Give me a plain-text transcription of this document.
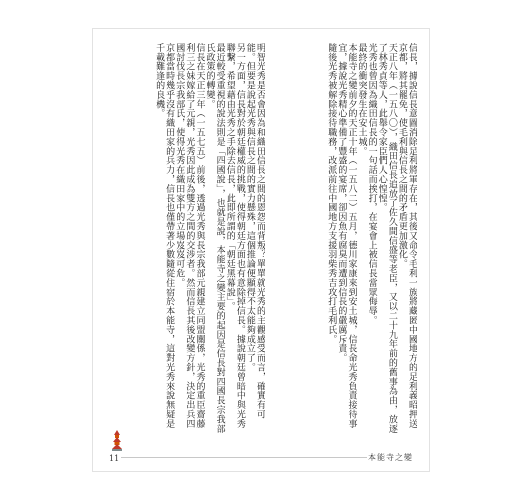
信長，據說信長意圖消除足利將軍存在，其後又命令毛利一族將藏匿中國地方的足利義昭押送京都，將其罷免，使毛利與信長之間的矛盾更加激化。

天正八年（一五八〇），織田信長追放了佐久間信盛等老臣，又以二十九年前的舊事為由，放逐了林秀貞等人，此舉令家臣們人心惶惶。

光秀也曾因為織田信長的一句話而挨打，在宴會上被信長當眾侮辱。

最終的衝突發生在安土城。

本能寺之變前夕的天正十年（一五八二）五月，德川家康來到安土城，信長命光秀負責接待事宜，據說光秀精心準備了豐盛的宴席，卻因魚有腐臭而遭到信長的嚴厲斥責。

隨後光秀被解除接待職務，改派前往中國地方支援羽柴秀吉攻打毛利氏。

明智光秀是否會因為和織田信長之間的恩怨而背叛？單單就光秀的主觀感受而言，確實有可能。但要是說起光秀與信長之間的實力懸殊，這個推論便顯得不太能夠成立了。

另一方面，信長對於朝廷權威的挑戰，使得朝廷方面也有意除掉信長。據說朝廷曾暗中與光秀聯繫，希望藉由光秀之手除去信長，此即所謂的「朝廷黑幕說」。

最近較受重視的說法則是「四國說」，也就是說，本能寺之變主要的起因是信長對四國長宗我部氏政策的轉變。

信長在天正三年（一五七五）前後，透過光秀與長宗我部元親建立同盟關係，光秀的重臣齋藤利三之妹嫁給了元親，光秀因此成為雙方之間的交涉者。然而信長其後改變方針，決定出兵四國討伐長宗我部氏，使得光秀在織田家中的立場岌岌可危。

京都當時幾乎沒有織田家的兵力，信長也僅帶著少數隨從住宿於本能寺，這對光秀來說無疑是千載難逢的良機。

11	本能寺之變
